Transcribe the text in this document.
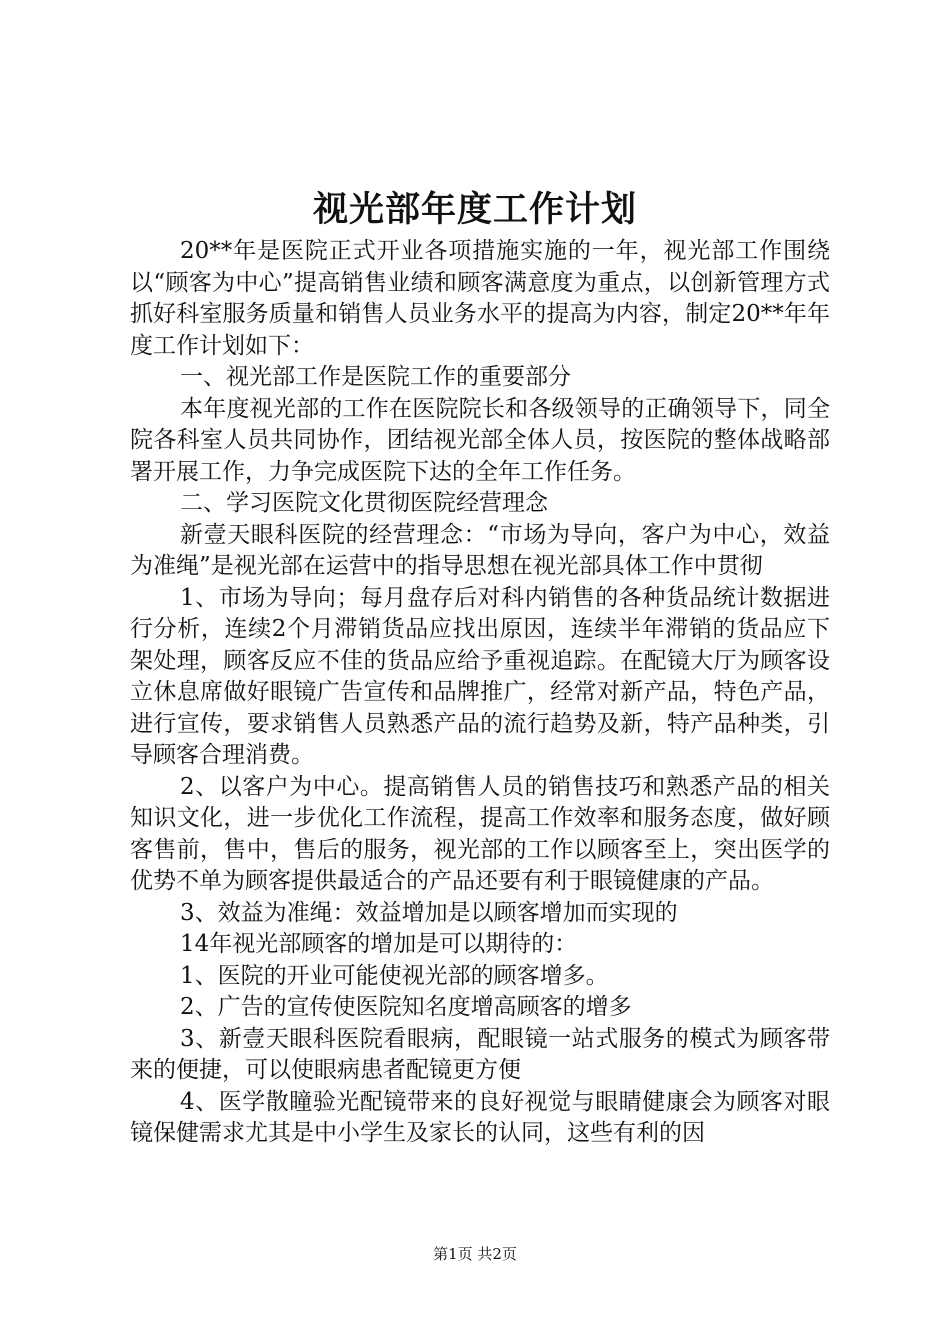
视光部年度工作计划

20**年是医院正式开业各项措施实施的一年，视光部工作围绕以“顾客为中心”提高销售业绩和顾客满意度为重点，以创新管理方式抓好科室服务质量和销售人员业务水平的提高为内容，制定20**年年度工作计划如下：

一、视光部工作是医院工作的重要部分

本年度视光部的工作在医院院长和各级领导的正确领导下，同全院各科室人员共同协作，团结视光部全体人员，按医院的整体战略部署开展工作，力争完成医院下达的全年工作任务。

二、学习医院文化贯彻医院经营理念

新壹天眼科医院的经营理念：“市场为导向，客户为中心，效益为准绳”是视光部在运营中的指导思想在视光部具体工作中贯彻

1、市场为导向；每月盘存后对科内销售的各种货品统计数据进行分析，连续2个月滞销货品应找出原因，连续半年滞销的货品应下架处理，顾客反应不佳的货品应给予重视追踪。在配镜大厅为顾客设立休息席做好眼镜广告宣传和品牌推广，经常对新产品，特色产品，进行宣传，要求销售人员熟悉产品的流行趋势及新，特产品种类，引导顾客合理消费。

2、以客户为中心。提高销售人员的销售技巧和熟悉产品的相关知识文化，进一步优化工作流程，提高工作效率和服务态度，做好顾客售前，售中，售后的服务，视光部的工作以顾客至上，突出医学的优势不单为顾客提供最适合的产品还要有利于眼镜健康的产品。

3、效益为准绳：效益增加是以顾客增加而实现的

14年视光部顾客的增加是可以期待的：

1、医院的开业可能使视光部的顾客增多。

2、广告的宣传使医院知名度增高顾客的增多

3、新壹天眼科医院看眼病，配眼镜一站式服务的模式为顾客带来的便捷，可以使眼病患者配镜更方便

4、医学散瞳验光配镜带来的良好视觉与眼睛健康会为顾客对眼镜保健需求尤其是中小学生及家长的认同，这些有利的因

第1页 共2页
